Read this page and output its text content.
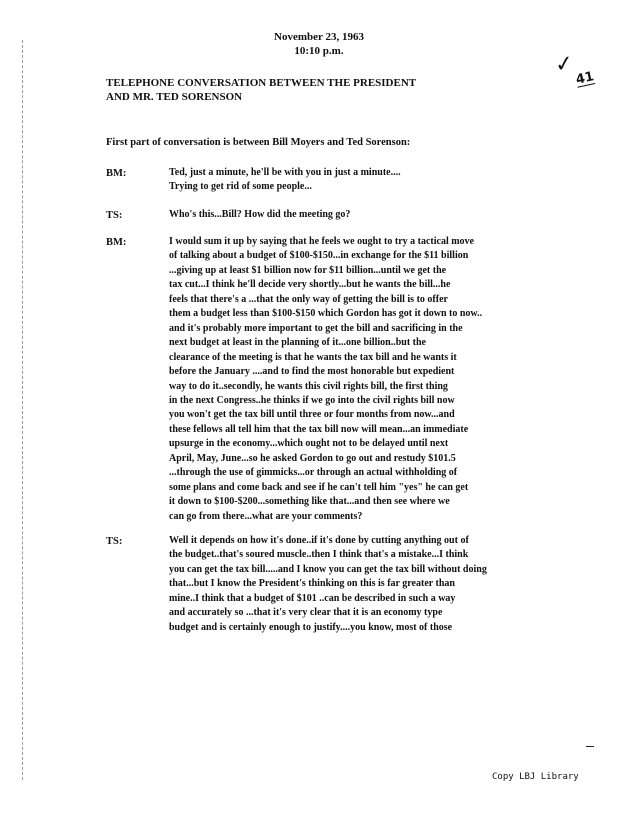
November 23, 1963
10:10 p.m.	✓
41
TELEPHONE CONVERSATION BETWEEN THE PRESIDENT
AND MR. TED SORENSON
First part of conversation is between Bill Moyers and Ted Sorenson:
BM:	Ted, just a minute, he'll be with you in just a minute....
Trying to get rid of some people...
TS:	Who's this...Bill? How did the meeting go?
BM:	I would sum it up by saying that he feels we ought to try a tactical move
of talking about a budget of $100-$150...in exchange for the $11 billion
...giving up at least $1 billion now for $11 billion...until we get the
tax cut...I think he'll decide very shortly...but he wants the bill...he
feels that there's a ...that the only way of getting the bill is to offer
them a budget less than $100-$150 which Gordon has got it down to now..
and it's probably more important to get the bill and sacrificing in the
next budget at least in the planning of it...one billion..but the
clearance of the meeting is that he wants the tax bill and he wants it
before the January ....and to find the most honorable but expedient
way to do it..secondly, he wants this civil rights bill, the first thing
in the next Congress..he thinks if we go into the civil rights bill now
you won't get the tax bill until three or four months from now...and
these fellows all tell him that the tax bill now will mean...an immediate
upsurge in the economy...which ought not to be delayed until next
April, May, June...so he asked Gordon to go out and restudy $101.5
...through the use of gimmicks...or through an actual withholding of
some plans and come back and see if he can't tell him "yes" he can get
it down to $100-$200...something like that...and then see where we
can go from there...what are your comments?
TS:	Well it depends on how it's done..if it's done by cutting anything out of
the budget..that's soured muscle..then I think that's a mistake...I think
you can get the tax bill.....and I know you can get the tax bill without doing
that...but I know the President's thinking on this is far greater than
mine..I think that a budget of $101 ..can be described in such a way
and accurately so ...that it's very clear that it is an economy type
budget and is certainly enough to justify....you know, most of those
Copy LBJ Library
